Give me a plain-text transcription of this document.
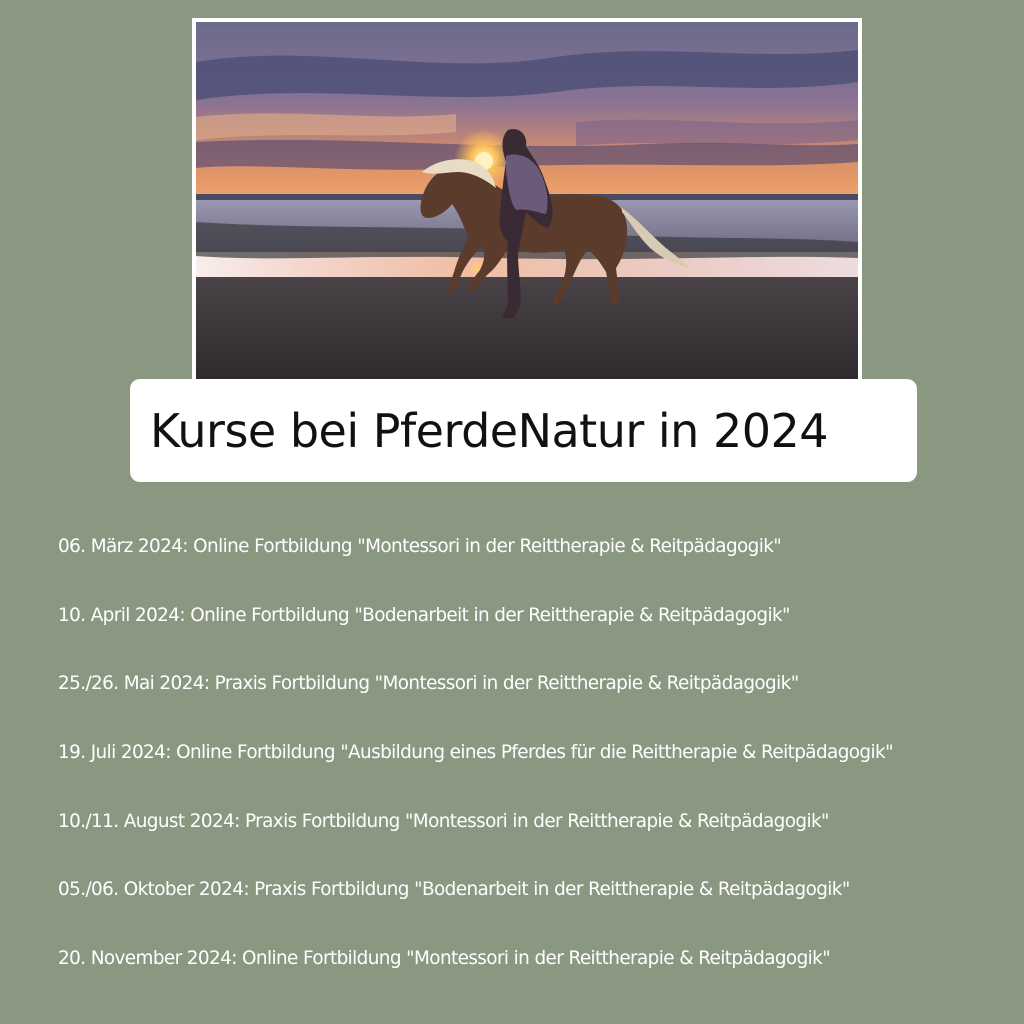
Kurse bei PferdeNatur in 2024
06. März 2024: Online Fortbildung "Montessori in der Reittherapie & Reitpädagogik"
10. April 2024: Online Fortbildung "Bodenarbeit in der Reittherapie & Reitpädagogik"
25./26. Mai 2024: Praxis Fortbildung "Montessori in der Reittherapie & Reitpädagogik"
19. Juli 2024: Online Fortbildung "Ausbildung eines Pferdes für die Reittherapie & Reitpädagogik"
10./11. August 2024: Praxis Fortbildung "Montessori in der Reittherapie & Reitpädagogik"
05./06. Oktober 2024: Praxis Fortbildung "Bodenarbeit in der Reittherapie & Reitpädagogik"
20. November 2024: Online Fortbildung "Montessori in der Reittherapie & Reitpädagogik"
